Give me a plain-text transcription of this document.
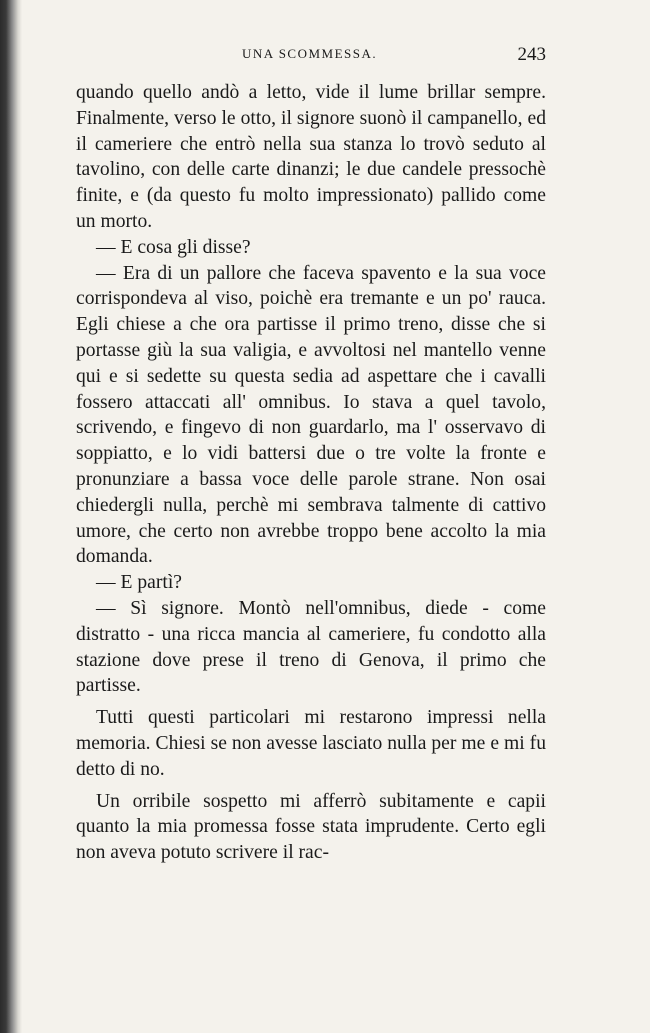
UNA SCOMMESSA.	243

quando quello andò a letto, vide il lume brillar sempre. Finalmente, verso le otto, il signore suonò il campanello, ed il cameriere che entrò nella sua stanza lo trovò seduto al tavolino, con delle carte dinanzi; le due candele pressochè finite, e (da questo fu molto impressionato) pallido come un morto.

— E cosa gli disse?

— Era di un pallore che faceva spavento e la sua voce corrispondeva al viso, poichè era tremante e un po' rauca. Egli chiese a che ora partisse il primo treno, disse che si portasse giù la sua valigia, e avvoltosi nel mantello venne qui e si sedette su questa sedia ad aspettare che i cavalli fossero attaccati all' omnibus. Io stava a quel tavolo, scrivendo, e fingevo di non guardarlo, ma l' osservavo di soppiatto, e lo vidi battersi due o tre volte la fronte e pronunziare a bassa voce delle parole strane. Non osai chiedergli nulla, perchè mi sembrava talmente di cattivo umore, che certo non avrebbe troppo bene accolto la mia domanda.

— E partì?

— Sì signore. Montò nell'omnibus, diede - come distratto - una ricca mancia al cameriere, fu condotto alla stazione dove prese il treno di Genova, il primo che partisse.

Tutti questi particolari mi restarono impressi nella memoria. Chiesi se non avesse lasciato nulla per me e mi fu detto di no.

Un orribile sospetto mi afferrò subitamente e capii quanto la mia promessa fosse stata imprudente. Certo egli non aveva potuto scrivere il rac-
